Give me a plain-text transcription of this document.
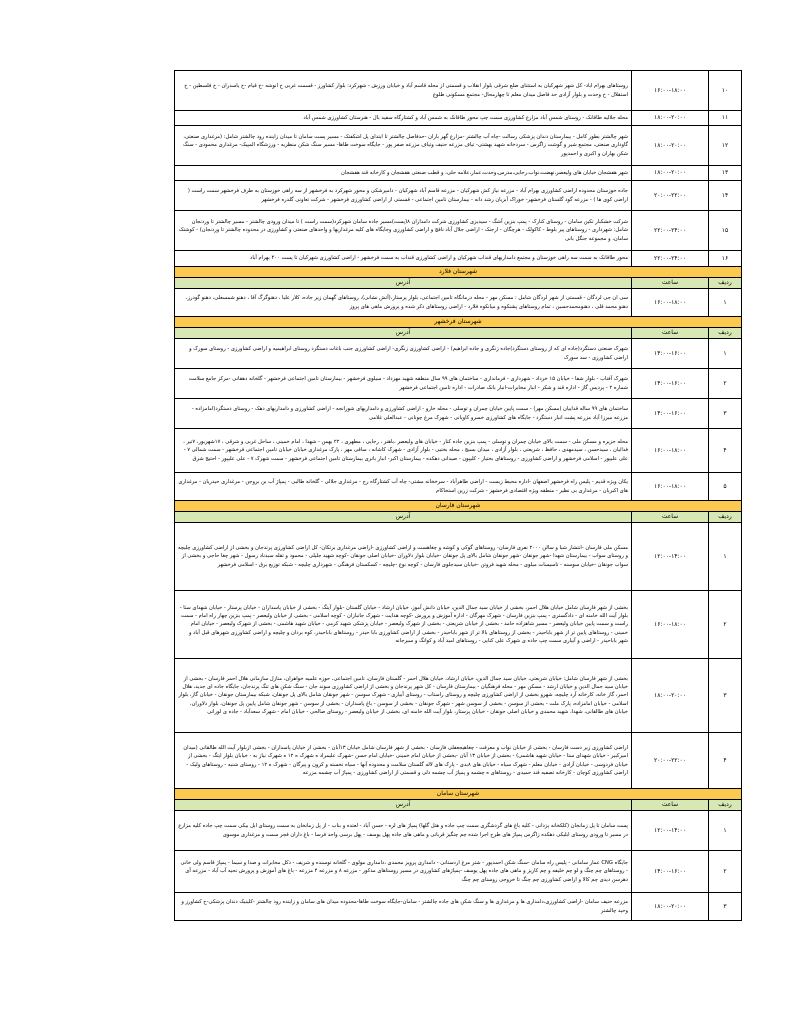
۱۰	۱۶:۰۰-۱۸:۰۰	روستاهای بهرام اباد- کل شهر شهرکیان به استثنای ضلع شرقی بلوار انقلاب و قسمتی از محله قاسم آباد و خیابان ورزش - شهرکرد: بلوار کشاورز - قسمت غربی خ انوشه -خ قیام -خ یاسدران - خ فلسطین - خ استقلال - خ وحدت و بلوار آزادی حد فاصل میدان معلم تا چهارمحال- مجتمع مسکونی طلوع
۱۱	۱۸:۰۰-۲۰:۰۰	محله جلالیه طاقانک - روستای شمس آباد مزارع کشاورزی سمت چپ محور طاقانک به شمس آباد و کشتارگاه سفید بال - هنرستان کشاورزی شمس آباد
۱۲	۱۸:۰۰-۲۰:۰۰	شهر چالشتر بطور کامل - بیمارستان دندان پزشکی رسالت -چاه آب چالشتر -مزارع گهر باران -حدفاصل چالشتر تا ابتدای پل اشکفتک - مسیر پست سامان تا میدان زاینده رود چالشتر شامل: (مرغداری صنعتی، گاوداری صنعتی، مجتمع شیر و گوشت زاگرس - سردخانه شهید بهشتی- تیاف مزرعه حنیف وتیاف مزرعه صفر پور - جایگاه سوخت طاها- مسیر سنگ شکن منظریه - ورزشگاه المپیک- مرغداری محمودی - سنگ شکن بهاران و اکبری و احمدپور
۱۳	۱۸:۰۰-۲۰:۰۰	شهر هفشجان خیابان های ولیعصر،نهضت،نواب،رجایی،مدرس،وحدت،عمار،علامه حلی، و قطب صنعتی هفشجان و کارخانه قند هفشجان
۱۴	۲۰:۰۰-۲۲:۰۰	جاده خوزستان محدوده اراضی کشاورزی بهرام آباد - مزرعه نیاز کش شهرکیان - مزرعه قاسم آباد شهرکیان - دامپرشکی و محور شهرکرد به فرخشهر از سه راهی خوزستان به طرف فرخشهر سمت راست ( اراضی کوی ها ) - مزرعه گود گلستان فرخشهر- خوراک آبزیان رشد دانه - بیمارستان تامین اجتماعی - قسمتی از اراضی کشاورزی فرخشهر - شرکت تعاونی گلدره فرخشهر
۱۵	۲۲:۰۰-۲۴:۰۰	شرکت خشکبار تکین سامان - روستای کنارک - پمپ بنزین آشگ - سیدیزی کشاورزی شرکت دامداران ۸(پست)مسیر جاده سامان شهرکرد(سمت راست ) تا میدان ورودی چالشتر - مسیر چالشتر تا وردنجان شامل: شهرداری - روستاهای پیر بلوط - کاکولک - هرچگان - ارجنک - اراضی جلال آباد نافچ و اراضی کشاورزی وجایگاه های کلیه مرغداریها و واحدهای صنعتی و کشاورزی در محدوده چالشتر تا وردنجان) - کوشتک سامان، و مجموعه جنگل بانی
۱۶	۲۲:۰۰-۲۴:۰۰	محور طاقانک به سمت سه راهی خوزستان و مجتمع دامداریهای قنداب شهرکیان و اراضی کشاورزی قنداب به سمت فرخشهر - اراضی کشاورزی شهرکیان تا پست ۴۰۰ بهرام آباد
شهرستان فلارد		
ردیف	ساعت	آدرس
۱	۱۶:۰۰-۱۸:۰۰	سی ان جی لردگان - قسمتی از شهر لردگان شامل : مسکن مهر - محله درمانگاه تامین اجتماعی، بلوار پرستار،(آتش نشانی)، روستاهای گهمان زیر جاده، کلار علیا ، دهنوگرگ آقا ، دهنو شمسعلی، دهنو گودرز، دهنو محمد قلی ، دهنومحمدحسین ، تمام روستاهای پشنکوه و میانکوه فلارد - اراضی روستاهای ذکر شده و پرورش ماهی های پروز
شهرستان فرخشهر		
ردیف	ساعت	آدرس
۱	۱۴:۰۰-۱۶:۰۰	شهرک صنعتی دستگرد(جاده ای که از روستای دستگرد)جاده زنگری و جاده ابراهیم) - اراضی کشاورزی زنگری- اراضی کشاورزی جنب باغات دستگرد روستای ابراهیمیه و اراضی کشاورزی - روستای سورک و اراضی کشاورزی - سد سورک
۲	۱۴:۰۰-۱۶:۰۰	شهرک آفتاب - بلوار شفا - خیابان ۱۵ خرداد - شهرداری - فرمانداری - ساختمان های ۹۹ سال منطقه شهید مهرداد - سیلوی فرخشهر - بیمارستان تامین اجتماعی فرخشهر - گلخانه دهقانی -مرکز جامع سلامت شماره ۲ - پردیس گاز - اداره قند و شکر - انبار مخابرات-انبار بانک صادرات - اداره تامین اجتماعی فرخشهر
۳	۱۴:۰۰-۱۶:۰۰	ساختمان های ۹۹ ساله قداییان (مسکن مهر) - سمت پایین خیابان چمران و توسلی - محله خارو - اراضی کشاورزی و دامداریهای شورانجه - اراضی کشاورزی و دامداریهای دهک - روستای دستگرد(امامزاده - مزرعه میرزا آباد مزرعه پشت انبار دستگرد - جایگاه های کشاورزی خسرو کاویانی - شهرک مرغ چونانی - عبدالعلی غلامی
۴	۱۶:۰۰-۱۸:۰۰	محله جزیره و مسکن ملی - سمت بالای خیابان چمران و توسلی - پمپ بنزین جاده کنار - خیابان های ولیعصر ،باهنر ، رجایی ، مطهری ، ۲۲ بهمن - شهدا ، امام خمینی ، ساحل غربی و شرقی ، ۱۷شهریور، ۷تیر ، فدائیان ، سیدحسن ، سیدمهدی ، حافظ ، شریعتی ، بلوار آزادی ، میدان بسیج ، محله بختیی - بلوار آزادی - شهرک کاشانه ، ساقی مهر ، پارک مرغداری خیابان خیابان تامین اجتماعی فرخشهر - سمت شمالی ۷ - علی علیپور - اسلامی فرخشهر و اراضی کشاورزی - روستاهای بختیار - کلیپون - صیدانی دهکده - بیمارستان اکبر- انبار باتری بیمارستان تامین اجتماعی فرخشهر - سمت شهرک ۷ - علی علیپور - احتیج شرق
۵	۱۶:۰۰-۱۸:۰۰	یکان ویژه قدیم - پلیس راه فرخشهر اصفهان -اداره محیط زیست - اراضی طاهرآباد - سرخخانه مشتی- چاه آب کشتارگاه رج - مرغداری جلالی - گلخانه طالبی - پمپاژ آب بن بروجن - مرغداری حیدریان - مرغداری های اکبریان - مرغداری بی نظیر - منطقه ویژه اقتصادی فرخشهر - شرکت زرین استخاکام
شهرستان فارسان		
ردیف	ساعت	آدرس
۱	۱۲:۰۰-۱۴:۰۰	مسکن ملی فارسان -انتشار شبا و سالن ۲۰۰۰ نفری فارسان- روستاهای گوکی و کوشه و چغاهست و اراضی کشاورزی -اراضی مرغداری برتکان- کل اراضی کشاورزی پرندجان و بخشی از اراضی کشاورزی چلیچه و روستای سواب - بیمارستان شهدا -شهر جونقان -شهر جونقان شامل بالای پل جونقان -خیابان بلوار دلاوران -خیابان اصلی جونقان -کوچه شهید جلیلی - محمود و تقله سیدناد رسول - شهر چغا حاجی و بخشی از سواب جونقان -خیابان سوسنه - تاسیسات میلوی - محله شهید فروتن -خیابان سیدجلوی فارسان - کوچه نوع -چلیچه - کسکستان فرهنگی - شهرداری چلیچه - شبکه توزیع برق - اسلامی فرخشهر
۲	۱۶:۰۰-۱۸:۰۰	بخشی از شهر فارسان شامل خیابان هلال احمر، بخشی از خیابان سید جمال الدین، خیابان دانش آموز، خیابان ارشاد - خیابان گلستان -بلوار آیتگ - بخشی از خیابان پاسداران - خیابان پرستار - خیابان شهدای ستا - بلوار آیت الله خامنه ای - دادگستری - پمپ بنزین فارسان - شهرک مهرگان - اداره آموزش و پرورش -کوچه هدایت - شهرک جانبازان - کوچه اسلامی - بخشی از خیابان ولیعصر - پمپ بنزین چهار راه امام - سمت راست و سمت پایین خیابان ولیعصر - مسیر شاهزاده حامد - بخشی از خیابان شریعتی - بخشی از شهرک ولیعصر - خیابان پزشکی شهید کرمی - خیابان شهید هاشمی - بخشی از شهرک ولیعصر - خیابان امام خمینی - روستاهای پایین تر از شهر باباحیدر - بخشی از روستاهای بالا تر از شهر باباحیدر - بخشی از اراضی کشاورزی بابا حیدر - روستاهای باباحیدر، کوه بردان و چلیچه و اراضی کشاورزی شهرهای قبل آباد و شهر باباحیدر - اراضی و آبیاری سمت چپ جاده ی شهرک علی کنایی - روستاهای امید آباد و کوانگ و سیرجانه
۳	۱۸:۰۰-۲۰:۰۰	بخشی از شهر فارسان شامل: خیابان شریعتی، خیابان سید جمال الدین، خیابان ارشاد، خیابان هلال احمر - گلستان فارسان، تامین اجتماعی، حوزه علمیه خواهران، منازل سازمانی هلال احمر فارسان - بخشی از خیابان سید جمال الدین و خیابان ارشد - مسکن مهر - محله فرهنگیان - بیمارستان فارسان - کل شهر پرندجان و بخشی از اراضی کشاورزی سوند جان - سنگ شکن های تنگ پرندجان، جایگاه جاده ای جدید، هلال احمر، گاز خانه، کارخانه آرد چلیچه، شهرو بخشی از اراضی کشاورزی چلیچه و روستای راستاب - روستای آبیاری - شهرک سوسن - شهر جونقان شامل بالای پل جونقان، شبکه بیمارستان جونقان - خیابان گاز، بلوار اسلامی - خیابان امامزاده، پارک ملت - بخشی از سوسن - بخشی از سوسن شهر - شهرک جونقان - بخشی از سوسن - باغ پاسداران - بخشی از سوسن - شهر جونقان شامل پایین پل جونقان، بلوار دلاوران، خیابان های طالقانی، شهدا، شهید محمدی و خیابان اصلی جونقان - خیابان پرستار، بلوار آیت الله خامنه ای، بخشی از خیابان ولیعصر - روستای صالحی - خیابان امام - شهرک سعدآباد - جاده ی لورانی
۴	۲۰:۰۰-۲۲:۰۰	اراضی کشاورزی زیر دست فارسان - بخشی از خیابان نواب و معرفت - چغاهیجعفلی فارسان - بخشی از شهر فارسان شامل خیابان ۱۳آبان - بخشی از خیابان پاسداران - بخشی ازبلوار آیت الله طالقانی (میدان امیرکبیر - خیابان شهدای ستا - خیابان شهید هاشمی) - بخشی از خیابان ۱۳ آبان -بخشی از خیابان امام خمینی -خیابان امام حسن -شهرک علیمراد ه شهرک ه ۱۲ ه شهرک نیاز به - خیابان بلوار ایتگ - بخشی از خیابان فردوسی - خیابان آزادی - خیابان معلم - شهرک سیاه - خیابان های ۸بدی - پارک های لاله گلستان سلامت و محدوده آنها - سیاه نخسته و کرون و پیرگان - شهرک ه ۱۲ - روستای شنبه - روستاهای ولیک - اراضی کشاورزی کوچان - کارخانه تصفیه قند حمیدی - روستاهای ه چشمه و پمپاژ آب چشمه دلی و قسمتی از اراضی کشاورزی - پمپاژ آب چشمه مزرعه
شهرستان سامان		
ردیف	ساعت	آدرس
۱	۱۲:۰۰-۱۴:۰۰	پست سامان تا پل زمانخان (کلکخانه پزدانی - کلیه باغ های گردشگری سمت چپ جاده و هتل گلها) پمپاژ های لره - حسن آباد - لعتده و بناب - از پل زمانخان به سمت روستای ابل بیکی سمت چپ جاده کلیه مزارع در مسیر تا ورودی روستای ابلیکی دهکده زاگرس پمپاژ های طرح اجرا شده چم چنگیز قربانی و ماهی های جاده پهل یوسف - پهل برسی واحد فرسا - باغ داران فجر سمت و مرغداری موسوی
۲	۱۴:۰۰-۱۶:۰۰	جایگاه CNG عمار سامانی - پلیس راه سامان -سنگ شکن احمدپور - شتر مرغ اردستانی - دامداری پرویز محمدی ،دامداری مولوی - گلخانه توسنده و شریف - دکل مخابرات و صدا و سیما - پمپاژ قاسم ولی خانی - روستاهای چم چنگ و لو چم خلیفه و چم کاریز و ماهی های جاده پهل یوسف -پمپاژهای کشاورزی در مسیر روستاهای مذکور - مزرعه ۸ و مزرعه ۴ مزرعه - باغ های آموزش و پرورش نحیه آب آباد - مزرعه آی دهرسن دیدی چم کالا و اراضی کشاورزی چم چنگ تا خروجی روستای چم چنگ
۳	۱۸:۰۰-۲۰:۰۰	مزرعه حنیف سامان -اراضی کشاورزی،دامداری ها و مرغداری ها و سنگ شکن های جاده چالشتر - سامان-جایگاه سوخت طاها-محدوده میدان های سامان و زاینده رود چالشتر -کلینیک دندان پزشکی-خ کشاورز و وحید چالشتر
